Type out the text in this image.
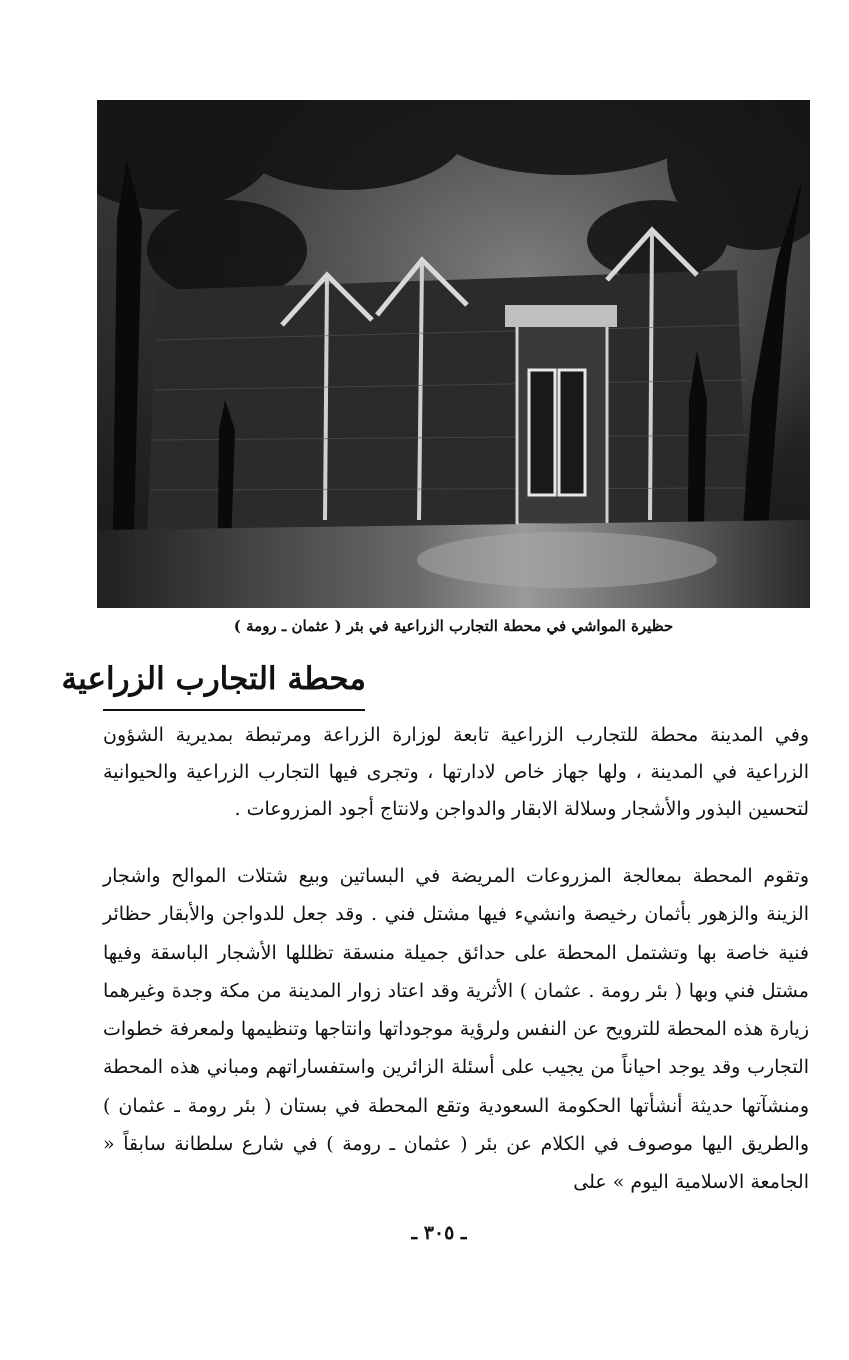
حظيرة المواشي في محطة التجارب الزراعية في بئر ( عثمان ـ رومة )
محطة التجارب الزراعية

وفي المدينة محطة للتجارب الزراعية تابعة لوزارة الزراعة ومرتبطة بمديرية الشؤون الزراعية في المدينة ، ولها جهاز خاص لادارتها ، وتجرى فيها التجارب الزراعية والحيوانية لتحسين البذور والأشجار وسلالة الابقار والدواجن ولانتاج أجود المزروعات .

وتقوم المحطة بمعالجة المزروعات المريضة في البساتين وبيع شتلات الموالح واشجار الزينة والزهور بأثمان رخيصة وانشيء فيها مشتل فني . وقد جعل للدواجن والأبقار حظائر فنية خاصة بها وتشتمل المحطة على حدائق جميلة منسقة تظللها الأشجار الباسقة وفيها مشتل فني وبها ( بئر رومة . عثمان ) الأثرية وقد اعتاد زوار المدينة من مكة وجدة وغيرهما زيارة هذه المحطة للترويح عن النفس ولرؤية موجوداتها وانتاجها وتنظيمها ولمعرفة خطوات التجارب وقد يوجد احياناً من يجيب على أسئلة الزائرين واستفساراتهم ومباني هذه المحطة ومنشآتها حديثة أنشأتها الحكومة السعودية وتقع المحطة في بستان ( بئر رومة ـ عثمان ) والطريق اليها موصوف في الكلام عن بئر ( عثمان ـ رومة ) في شارع سلطانة سابقاً « الجامعة الاسلامية اليوم » على

ـ ٣٠٥ ـ
